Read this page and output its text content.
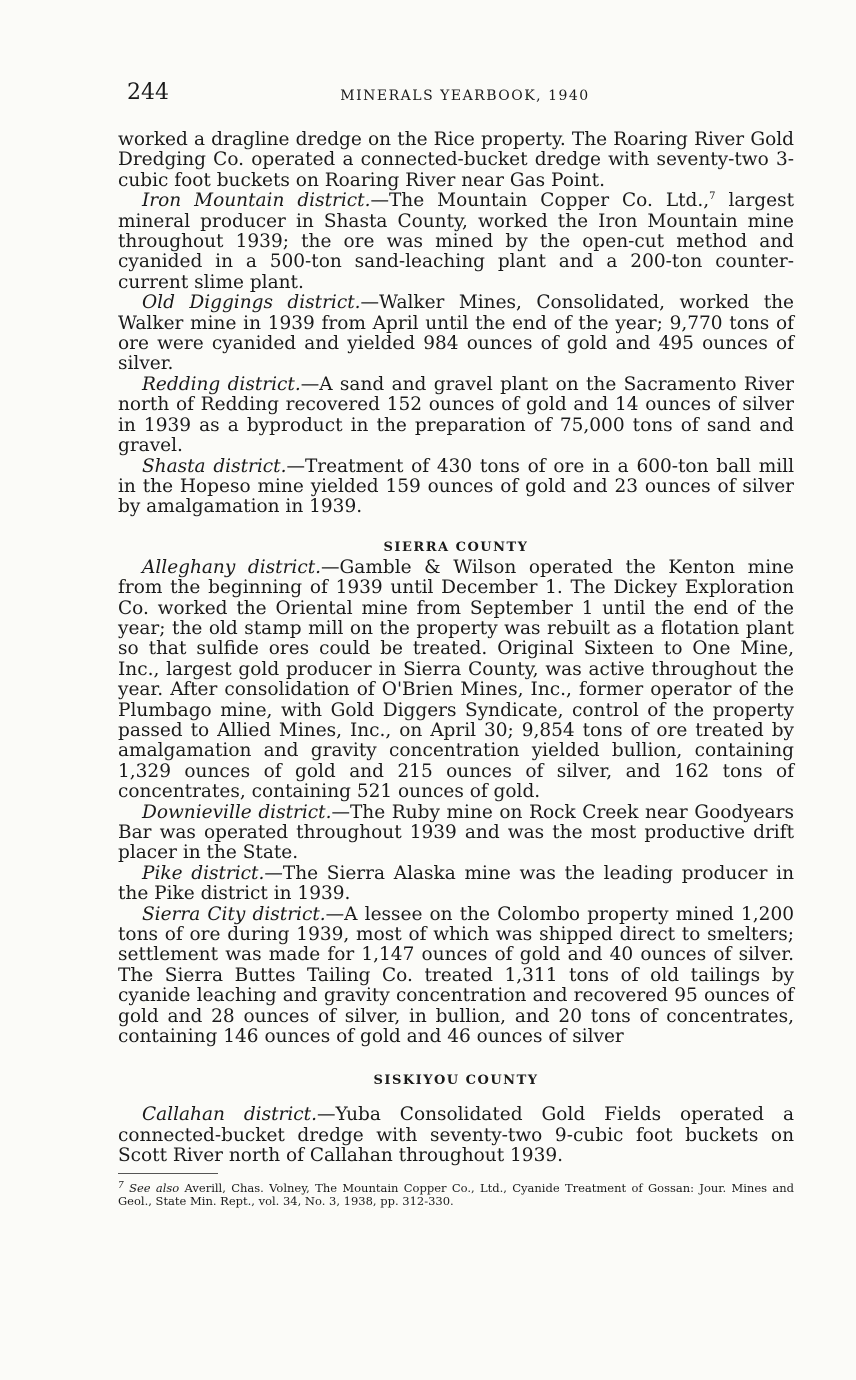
244	MINERALS YEARBOOK, 1940

worked a dragline dredge on the Rice property. The Roaring River Gold Dredging Co. operated a connected-bucket dredge with seventy-two 3-cubic foot buckets on Roaring River near Gas Point.

Iron Mountain district.—The Mountain Copper Co. Ltd.,$^7$ largest mineral producer in Shasta County, worked the Iron Mountain mine throughout 1939; the ore was mined by the open-cut method and cyanided in a 500-ton sand-leaching plant and a 200-ton counter-current slime plant.

Old Diggings district.—Walker Mines, Consolidated, worked the Walker mine in 1939 from April until the end of the year; 9,770 tons of ore were cyanided and yielded 984 ounces of gold and 495 ounces of silver.

Redding district.—A sand and gravel plant on the Sacramento River north of Redding recovered 152 ounces of gold and 14 ounces of silver in 1939 as a byproduct in the preparation of 75,000 tons of sand and gravel.

Shasta district.—Treatment of 430 tons of ore in a 600-ton ball mill in the Hopeso mine yielded 159 ounces of gold and 23 ounces of silver by amalgamation in 1939.

SIERRA COUNTY

Alleghany district.—Gamble & Wilson operated the Kenton mine from the beginning of 1939 until December 1. The Dickey Exploration Co. worked the Oriental mine from September 1 until the end of the year; the old stamp mill on the property was rebuilt as a flotation plant so that sulfide ores could be treated. Original Sixteen to One Mine, Inc., largest gold producer in Sierra County, was active throughout the year. After consolidation of O'Brien Mines, Inc., former operator of the Plumbago mine, with Gold Diggers Syndicate, control of the property passed to Allied Mines, Inc., on April 30; 9,854 tons of ore treated by amalgamation and gravity concentration yielded bullion, containing 1,329 ounces of gold and 215 ounces of silver, and 162 tons of concentrates, containing 521 ounces of gold.

Downieville district.—The Ruby mine on Rock Creek near Goodyears Bar was operated throughout 1939 and was the most productive drift placer in the State.

Pike district.—The Sierra Alaska mine was the leading producer in the Pike district in 1939.

Sierra City district.—A lessee on the Colombo property mined 1,200 tons of ore during 1939, most of which was shipped direct to smelters; settlement was made for 1,147 ounces of gold and 40 ounces of silver. The Sierra Buttes Tailing Co. treated 1,311 tons of old tailings by cyanide leaching and gravity concentration and recovered 95 ounces of gold and 28 ounces of silver, in bullion, and 20 tons of concentrates, containing 146 ounces of gold and 46 ounces of silver

SISKIYOU COUNTY

Callahan district.—Yuba Consolidated Gold Fields operated a connected-bucket dredge with seventy-two 9-cubic foot buckets on Scott River north of Callahan throughout 1939.

$^7$ See also Averill, Chas. Volney, The Mountain Copper Co., Ltd., Cyanide Treatment of Gossan: Jour. Mines and Geol., State Min. Rept., vol. 34, No. 3, 1938, pp. 312-330.
